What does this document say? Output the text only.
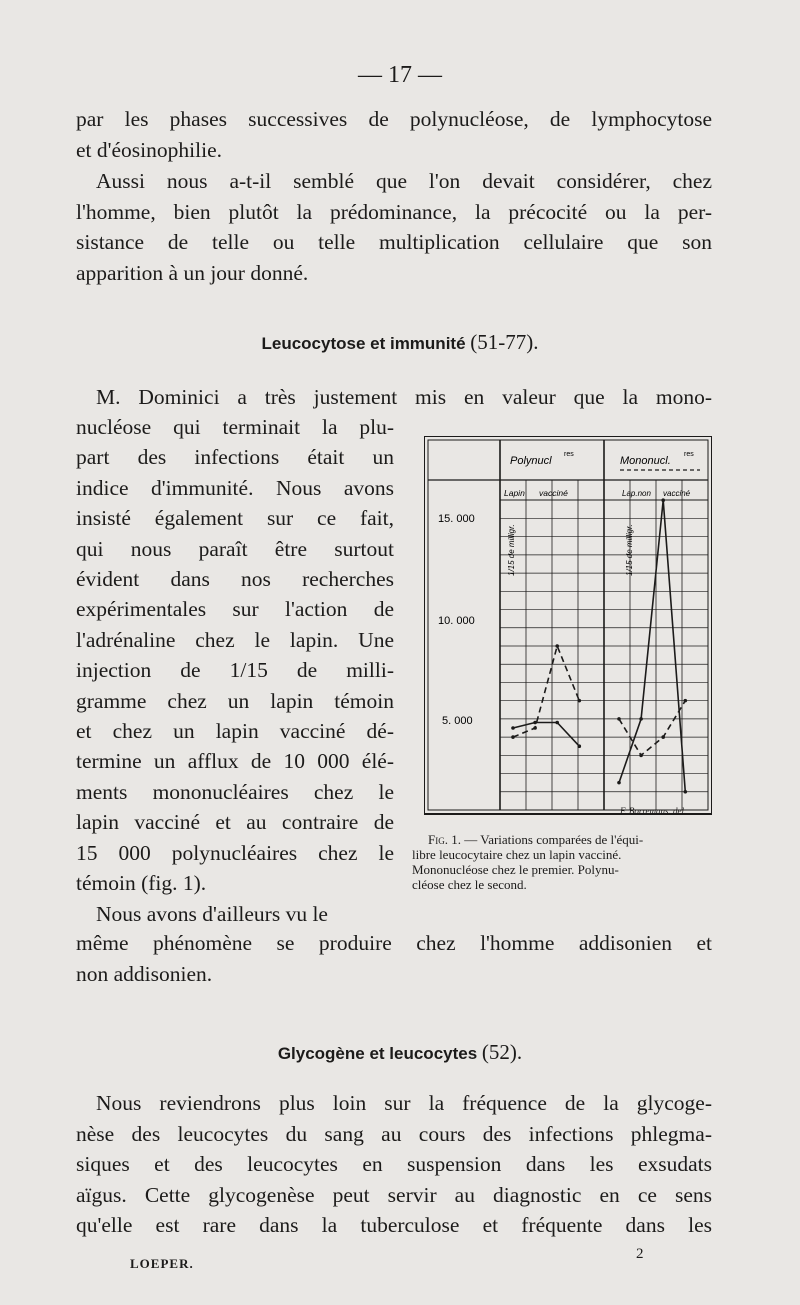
— 17 —
par les phases successives de polynucléose, de lymphocytose
et d'éosinophilie.
Aussi nous a-t-il semblé que l'on devait considérer, chez
l'homme, bien plutôt la prédominance, la précocité ou la per-
sistance de telle ou telle multiplication cellulaire que son
apparition à un jour donné.
Leucocytose et immunité (51-77).
M. Dominici a très justement mis en valeur que la mono-
nucléose qui terminait la plu-
part des infections était un
indice d'immunité. Nous avons
insisté également sur ce fait,
qui nous paraît être surtout
évident dans nos recherches
expérimentales sur l'action de
l'adrénaline chez le lapin. Une
injection de 1/15 de milli-
gramme chez un lapin témoin
et chez un lapin vacciné dé-
termine un afflux de 10 000 élé-
ments mononucléaires chez le
lapin vacciné et au contraire de
15 000 polynucléaires chez le
témoin (fig. 1).
Nous avons d'ailleurs vu le
Polynucl
res
Mononucl.
res
Lapin vacciné	Lap.non vacciné
1/15 de milligr.	1/15 de milligr.
15. 000
10. 000
5. 000
F. Borremans. del.
Fig. 1. — Variations comparées de l'équi-
libre leucocytaire chez un lapin vacciné.
Mononucléose chez le premier. Polynu-
cléose chez le second.
même phénomène se produire chez l'homme addisonien et
non addisonien.
Glycogène et leucocytes (52).
Nous reviendrons plus loin sur la fréquence de la glycoge-
nèse des leucocytes du sang au cours des infections phlegma-
siques et des leucocytes en suspension dans les exsudats
aïgus. Cette glycogenèse peut servir au diagnostic en ce sens
qu'elle est rare dans la tuberculose et fréquente dans les
LOEPER.
2
